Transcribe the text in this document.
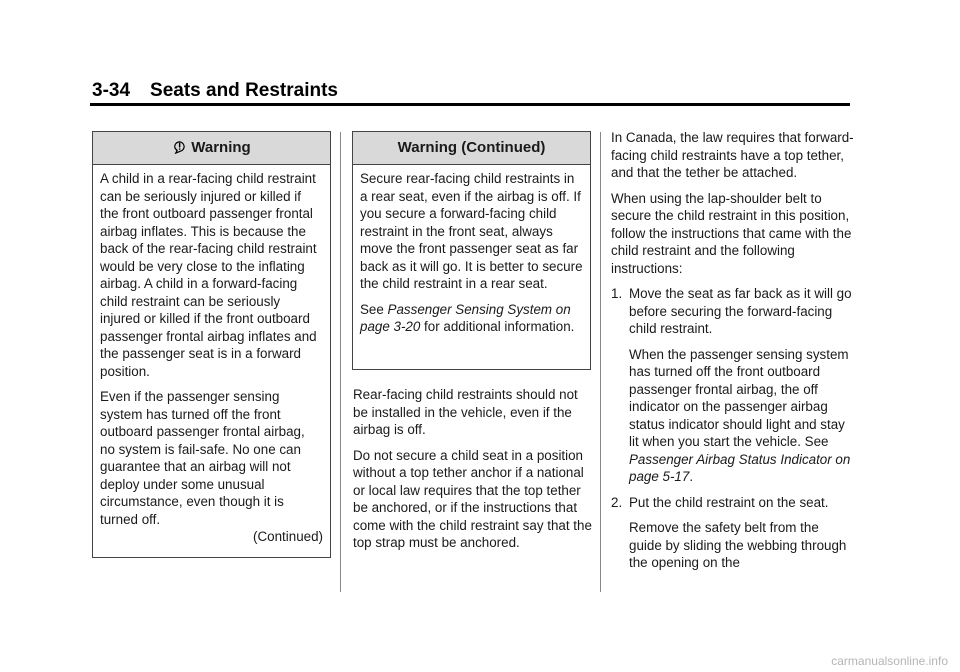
3-34 Seats and Restraints
Warning

A child in a rear-facing child restraint can be seriously injured or killed if the front outboard passenger frontal airbag inflates. This is because the back of the rear-facing child restraint would be very close to the inflating airbag. A child in a forward-facing child restraint can be seriously injured or killed if the front outboard passenger frontal airbag inflates and the passenger seat is in a forward position.

Even if the passenger sensing system has turned off the front outboard passenger frontal airbag, no system is fail-safe. No one can guarantee that an airbag will not deploy under some unusual circumstance, even though it is turned off.

(Continued)
Warning (Continued)

Secure rear-facing child restraints in a rear seat, even if the airbag is off. If you secure a forward-facing child restraint in the front seat, always move the front passenger seat as far back as it will go. It is better to secure the child restraint in a rear seat.

See Passenger Sensing System on page 3-20 for additional information.

Rear-facing child restraints should not be installed in the vehicle, even if the airbag is off.

Do not secure a child seat in a position without a top tether anchor if a national or local law requires that the top tether be anchored, or if the instructions that come with the child restraint say that the top strap must be anchored.

In Canada, the law requires that forward-facing child restraints have a top tether, and that the tether be attached.

When using the lap-shoulder belt to secure the child restraint in this position, follow the instructions that came with the child restraint and the following instructions:

1. Move the seat as far back as it will go before securing the forward-facing child restraint.
When the passenger sensing system has turned off the front outboard passenger frontal airbag, the off indicator on the passenger airbag status indicator should light and stay lit when you start the vehicle. See Passenger Airbag Status Indicator on page 5-17.
2. Put the child restraint on the seat.
Remove the safety belt from the guide by sliding the webbing through the opening on the
carmanualsonline.info
